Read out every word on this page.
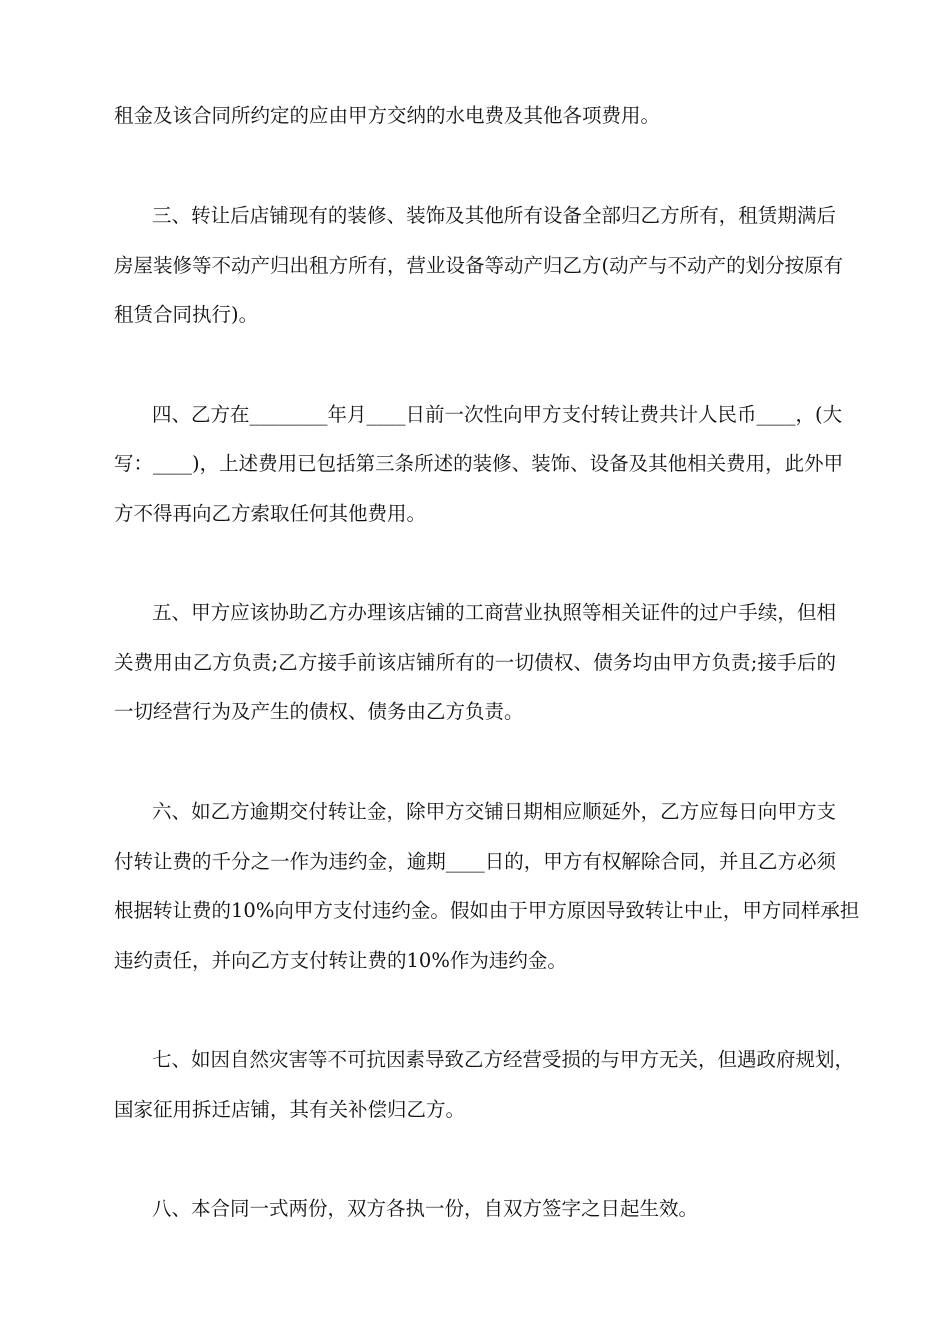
租金及该合同所约定的应由甲方交纳的水电费及其他各项费用。
三、转让后店铺现有的装修、装饰及其他所有设备全部归乙方所有，租赁期满后
房屋装修等不动产归出租方所有，营业设备等动产归乙方(动产与不动产的划分按原有
租赁合同执行)。
四、乙方在________年月____日前一次性向甲方支付转让费共计人民币____，(大
写：____)，上述费用已包括第三条所述的装修、装饰、设备及其他相关费用，此外甲
方不得再向乙方索取任何其他费用。
五、甲方应该协助乙方办理该店铺的工商营业执照等相关证件的过户手续，但相
关费用由乙方负责;乙方接手前该店铺所有的一切债权、债务均由甲方负责;接手后的
一切经营行为及产生的债权、债务由乙方负责。
六、如乙方逾期交付转让金，除甲方交铺日期相应顺延外，乙方应每日向甲方支
付转让费的千分之一作为违约金，逾期____日的，甲方有权解除合同，并且乙方必须
根据转让费的10%向甲方支付违约金。假如由于甲方原因导致转让中止，甲方同样承担
违约责任，并向乙方支付转让费的10%作为违约金。
七、如因自然灾害等不可抗因素导致乙方经营受损的与甲方无关，但遇政府规划，
国家征用拆迁店铺，其有关补偿归乙方。
八、本合同一式两份，双方各执一份，自双方签字之日起生效。
